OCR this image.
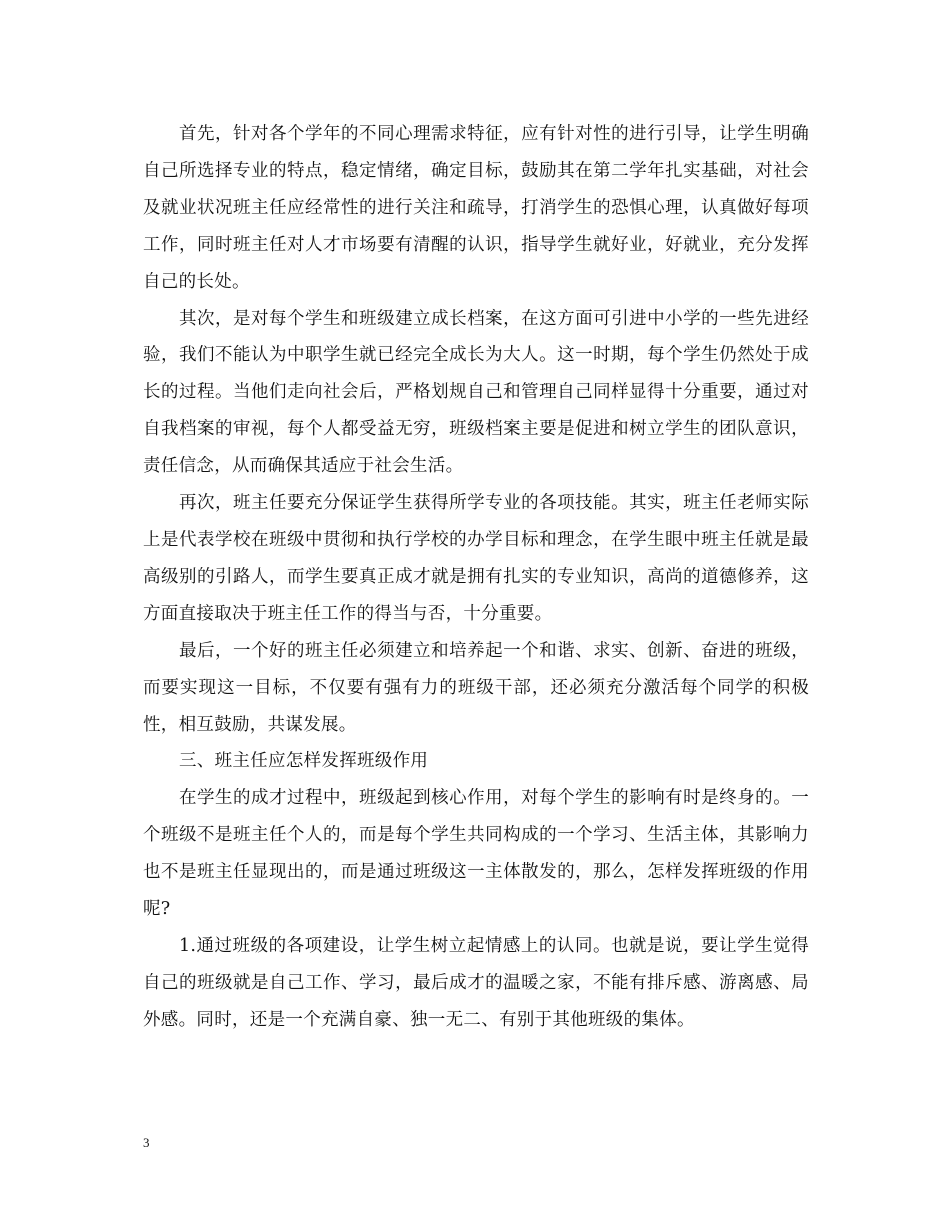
首先，针对各个学年的不同心理需求特征，应有针对性的进行引导，让学生明确自己所选择专业的特点，稳定情绪，确定目标，鼓励其在第二学年扎实基础，对社会及就业状况班主任应经常性的进行关注和疏导，打消学生的恐惧心理，认真做好每项工作，同时班主任对人才市场要有清醒的认识，指导学生就好业，好就业，充分发挥自己的长处。

其次，是对每个学生和班级建立成长档案，在这方面可引进中小学的一些先进经验，我们不能认为中职学生就已经完全成长为大人。这一时期，每个学生仍然处于成长的过程。当他们走向社会后，严格划规自己和管理自己同样显得十分重要，通过对自我档案的审视，每个人都受益无穷，班级档案主要是促进和树立学生的团队意识，责任信念，从而确保其适应于社会生活。

再次，班主任要充分保证学生获得所学专业的各项技能。其实，班主任老师实际上是代表学校在班级中贯彻和执行学校的办学目标和理念，在学生眼中班主任就是最高级别的引路人，而学生要真正成才就是拥有扎实的专业知识，高尚的道德修养，这方面直接取决于班主任工作的得当与否，十分重要。

最后，一个好的班主任必须建立和培养起一个和谐、求实、创新、奋进的班级，而要实现这一目标，不仅要有强有力的班级干部，还必须充分激活每个同学的积极性，相互鼓励，共谋发展。

三、班主任应怎样发挥班级作用

在学生的成才过程中，班级起到核心作用，对每个学生的影响有时是终身的。一个班级不是班主任个人的，而是每个学生共同构成的一个学习、生活主体，其影响力也不是班主任显现出的，而是通过班级这一主体散发的，那么，怎样发挥班级的作用呢?

1.通过班级的各项建设，让学生树立起情感上的认同。也就是说，要让学生觉得自己的班级就是自己工作、学习，最后成才的温暖之家，不能有排斥感、游离感、局外感。同时，还是一个充满自豪、独一无二、有别于其他班级的集体。

3
